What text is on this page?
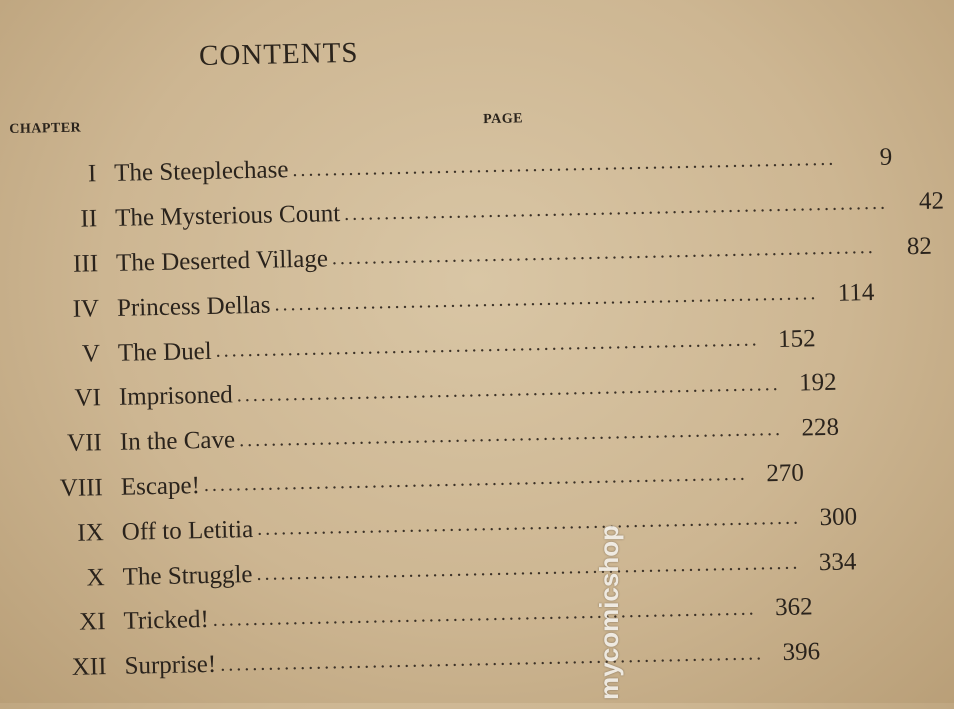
CONTENTS
CHAPTER
PAGE
I The Steeplechase ....................................................................	9
II The Mysterious Count ....................................................................	42
III The Deserted Village ....................................................................	82
IV Princess Dellas .................................................................... 114
V The Duel .................................................................... 152
VI Imprisoned .................................................................... 192
VII In the Cave .................................................................... 228
VIII Escape! .................................................................... 270
IX Off to Letitia .................................................................... 300
X The Struggle .................................................................... 334
XI Tricked! .................................................................... 362
XII Surprise! .................................................................... 396
mycomicshop
